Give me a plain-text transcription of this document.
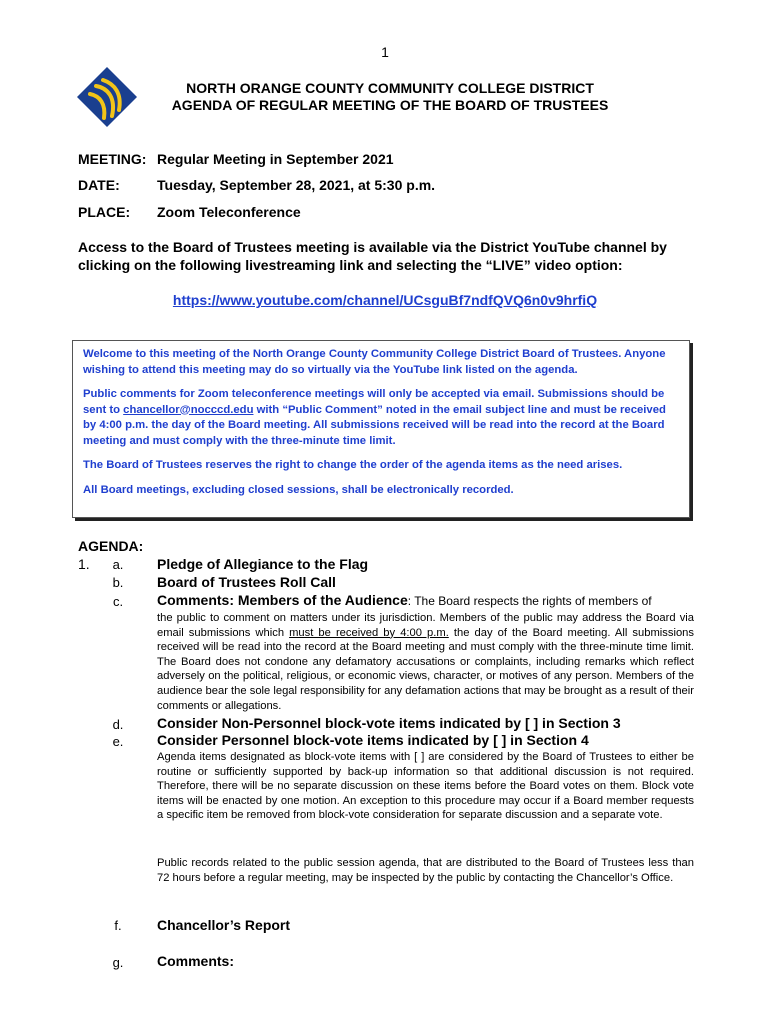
1
NORTH ORANGE COUNTY COMMUNITY COLLEGE DISTRICT
AGENDA OF REGULAR MEETING OF THE BOARD OF TRUSTEES
MEETING: Regular Meeting in September 2021
DATE:	Tuesday, September 28, 2021, at 5:30 p.m.
PLACE: Zoom Teleconference
Access to the Board of Trustees meeting is available via the District YouTube channel by clicking on the following livestreaming link and selecting the “LIVE” video option:
https://www.youtube.com/channel/UCsguBf7ndfQVQ6n0v9hrfiQ

Welcome to this meeting of the North Orange County Community College District Board of Trustees. Anyone wishing to attend this meeting may do so virtually via the YouTube link listed on the agenda.

Public comments for Zoom teleconference meetings will only be accepted via email. Submissions should be sent to chancellor@nocccd.edu with “Public Comment” noted in the email subject line and must be received by 4:00 p.m. the day of the Board meeting. All submissions received will be read into the record at the Board meeting and must comply with the three-minute time limit.

The Board of Trustees reserves the right to change the order of the agenda items as the need arises.

All Board meetings, excluding closed sessions, shall be electronically recorded.

AGENDA:
1. a. Pledge of Allegiance to the Flag
b. Board of Trustees Roll Call
c. Comments: Members of the Audience: The Board respects the rights of members of
the public to comment on matters under its jurisdiction. Members of the public may address the Board via email submissions which must be received by 4:00 p.m. the day of the Board meeting. All submissions received will be read into the record at the Board meeting and must comply with the three-minute time limit. The Board does not condone any defamatory accusations or complaints, including remarks which reflect adversely on the political, religious, or economic views, character, or motives of any person. Members of the audience bear the sole legal responsibility for any defamation actions that may be brought as a result of their comments or allegations.
d. Consider Non-Personnel block-vote items indicated by [ ] in Section 3
e. Consider Personnel block-vote items indicated by [ ] in Section 4
Agenda items designated as block-vote items with [ ] are considered by the Board of Trustees to either be routine or sufficiently supported by back-up information so that additional discussion is not required. Therefore, there will be no separate discussion on these items before the Board votes on them. Block vote items will be enacted by one motion. An exception to this procedure may occur if a Board member requests a specific item be removed from block-vote consideration for separate discussion and a separate vote.
Public records related to the public session agenda, that are distributed to the Board of Trustees less than 72 hours before a regular meeting, may be inspected by the public by contacting the Chancellor’s Office.
f.	Chancellor’s Report
g. Comments:
